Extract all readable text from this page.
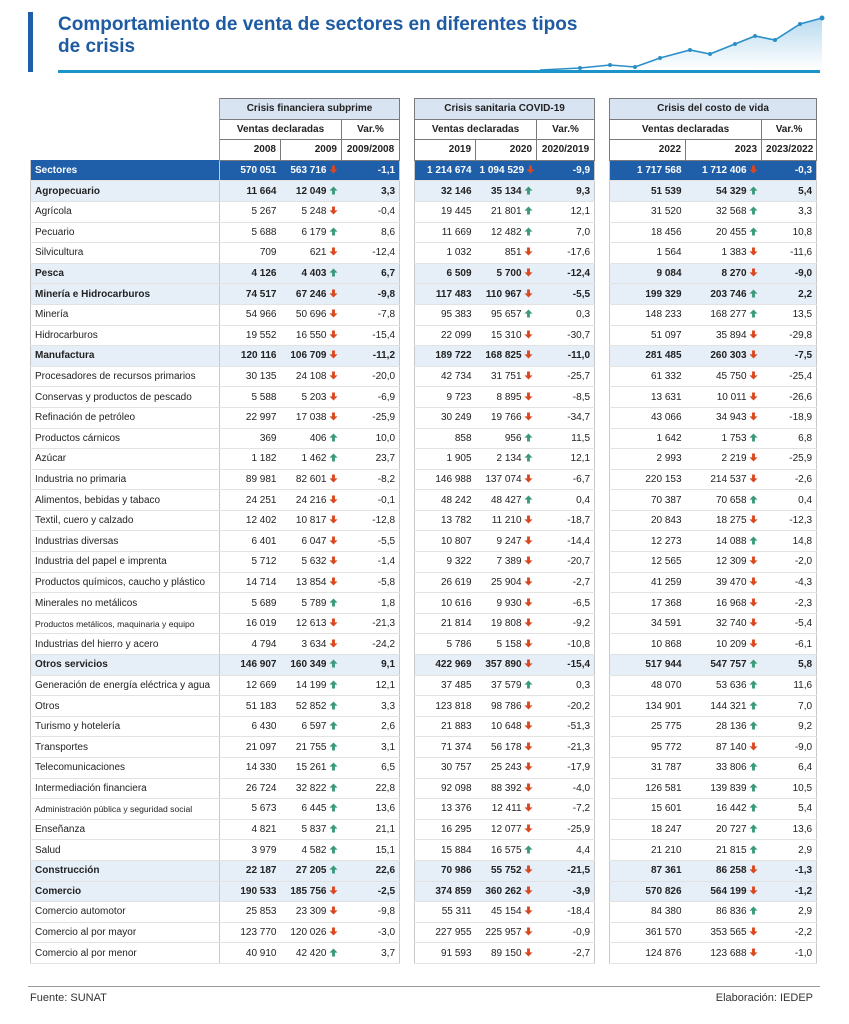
Comportamiento de venta de sectores en diferentes tipos de crisis
	Crisis financiera subprime				Crisis sanitaria COVID-19				Crisis del costo de vida		
	Ventas declaradas		Var.%		Ventas declaradas		Var.%		Ventas declaradas		Var.%
	2008	2009	2009/2008		2019	2020	2020/2019		2022	2023	2023/2022
Sectores	570 051	563 716	-1,1		1 214 674	1 094 529	-9,9		1 717 568	1 712 406	-0,3
Agropecuario	11 664	12 049	3,3		32 146	35 134	9,3		51 539	54 329	5,4
Agrícola	5 267	5 248	-0,4		19 445	21 801	12,1		31 520	32 568	3,3
Pecuario	5 688	6 179	8,6		11 669	12 482	7,0		18 456	20 455	10,8
Silvicultura	709	621	-12,4		1 032	851	-17,6		1 564	1 383	-11,6
Pesca	4 126	4 403	6,7		6 509	5 700	-12,4		9 084	8 270	-9,0
Minería e Hidrocarburos	74 517	67 246	-9,8		117 483	110 967	-5,5		199 329	203 746	2,2
Minería	54 966	50 696	-7,8		95 383	95 657	0,3		148 233	168 277	13,5
Hidrocarburos	19 552	16 550	-15,4		22 099	15 310	-30,7		51 097	35 894	-29,8
Manufactura	120 116	106 709	-11,2		189 722	168 825	-11,0		281 485	260 303	-7,5
Procesadores de recursos primarios	30 135	24 108	-20,0		42 734	31 751	-25,7		61 332	45 750	-25,4
Conservas y productos de pescado	5 588	5 203	-6,9		9 723	8 895	-8,5		13 631	10 011	-26,6
Refinación de petróleo	22 997	17 038	-25,9		30 249	19 766	-34,7		43 066	34 943	-18,9
Productos cárnicos	369	406	10,0		858	956	11,5		1 642	1 753	6,8
Azúcar	1 182	1 462	23,7		1 905	2 134	12,1		2 993	2 219	-25,9
Industria no primaria	89 981	82 601	-8,2		146 988	137 074	-6,7		220 153	214 537	-2,6
Alimentos, bebidas y tabaco	24 251	24 216	-0,1		48 242	48 427	0,4		70 387	70 658	0,4
Textil, cuero y calzado	12 402	10 817	-12,8		13 782	11 210	-18,7		20 843	18 275	-12,3
Industrias diversas	6 401	6 047	-5,5		10 807	9 247	-14,4		12 273	14 088	14,8
Industria del papel e imprenta	5 712	5 632	-1,4		9 322	7 389	-20,7		12 565	12 309	-2,0
Productos químicos, caucho y plástico	14 714	13 854	-5,8		26 619	25 904	-2,7		41 259	39 470	-4,3
Minerales no metálicos	5 689	5 789	1,8		10 616	9 930	-6,5		17 368	16 968	-2,3
Productos metálicos, maquinaria y equipo	16 019	12 613	-21,3		21 814	19 808	-9,2		34 591	32 740	-5,4
Industrias del hierro y acero	4 794	3 634	-24,2		5 786	5 158	-10,8		10 868	10 209	-6,1
Otros servicios	146 907	160 349	9,1		422 969	357 890	-15,4		517 944	547 757	5,8
Generación de energía eléctrica y agua	12 669	14 199	12,1		37 485	37 579	0,3		48 070	53 636	11,6
Otros	51 183	52 852	3,3		123 818	98 786	-20,2		134 901	144 321	7,0
Turismo y hotelería	6 430	6 597	2,6		21 883	10 648	-51,3		25 775	28 136	9,2
Transportes	21 097	21 755	3,1		71 374	56 178	-21,3		95 772	87 140	-9,0
Telecomunicaciones	14 330	15 261	6,5		30 757	25 243	-17,9		31 787	33 806	6,4
Intermediación financiera	26 724	32 822	22,8		92 098	88 392	-4,0		126 581	139 839	10,5
Administración pública y seguridad social	5 673	6 445	13,6		13 376	12 411	-7,2		15 601	16 442	5,4
Enseñanza	4 821	5 837	21,1		16 295	12 077	-25,9		18 247	20 727	13,6
Salud	3 979	4 582	15,1		15 884	16 575	4,4		21 210	21 815	2,9
Construcción	22 187	27 205	22,6		70 986	55 752	-21,5		87 361	86 258	-1,3
Comercio	190 533	185 756	-2,5		374 859	360 262	-3,9		570 826	564 199	-1,2
Comercio automotor	25 853	23 309	-9,8		55 311	45 154	-18,4		84 380	86 836	2,9
Comercio al por mayor	123 770	120 026	-3,0		227 955	225 957	-0,9		361 570	353 565	-2,2
Comercio al por menor	40 910	42 420	3,7		91 593	89 150	-2,7		124 876	123 688	-1,0
Fuente: SUNAT	Elaboración: IEDEP
